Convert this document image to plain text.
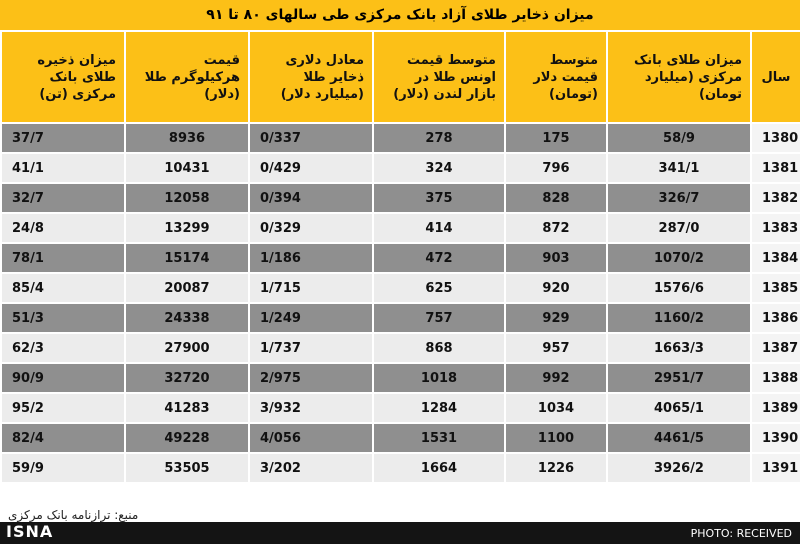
میزان ذخایر طلای آزاد بانک مرکزی طی سالهای ۸۰ تا ۹۱
میزان ذخیره طلای بانک مرکزی (تن)	قیمت هرکیلوگرم طلا (دلار)	معادل دلاری ذخایر طلا (میلیارد دلار)	متوسط قیمت اونس طلا در بازار لندن (دلار)	متوسط قیمت دلار (تومان)	میزان طلای بانک مرکزی (میلیارد تومان)	سال
37/7	8936	0/337	278	175	58/9	1380
41/1	10431	0/429	324	796	341/1	1381
32/7	12058	0/394	375	828	326/7	1382
24/8	13299	0/329	414	872	287/0	1383
78/1	15174	1/186	472	903	1070/2	1384
85/4	20087	1/715	625	920	1576/6	1385
51/3	24338	1/249	757	929	1160/2	1386
62/3	27900	1/737	868	957	1663/3	1387
90/9	32720	2/975	1018	992	2951/7	1388
95/2	41283	3/932	1284	1034	4065/1	1389
82/4	49228	4/056	1531	1100	4461/5	1390
59/9	53505	3/202	1664	1226	3926/2	1391
منبع: ترازنامه بانک مرکزی
ISNA	PHOTO: RECEIVED
